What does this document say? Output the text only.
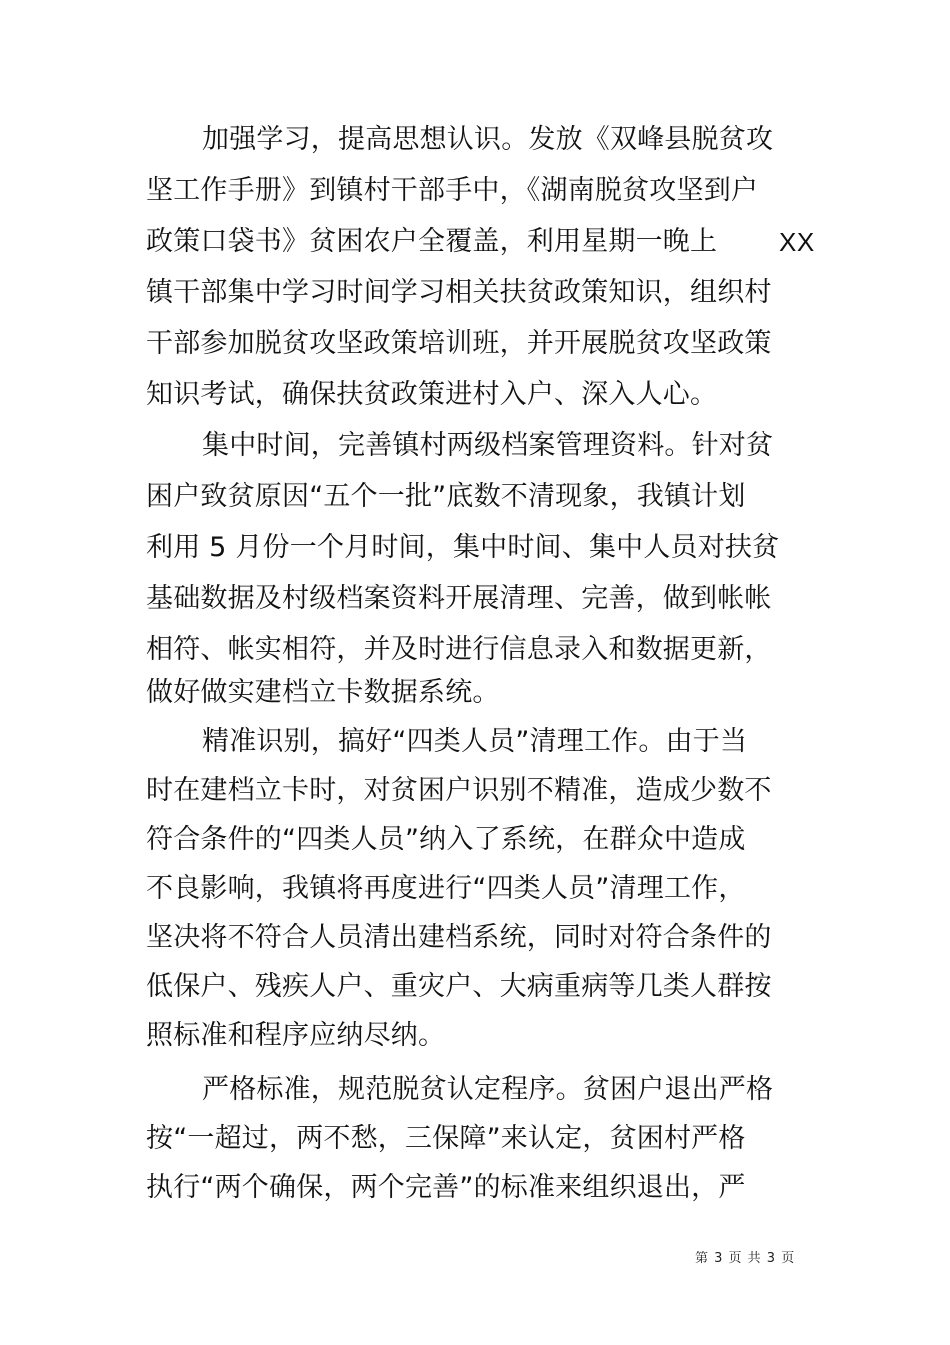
加强学习，提高思想认识。发放《双峰县脱贫攻
坚工作手册》到镇村干部手中，《湖南脱贫攻坚到户
政策口袋书》贫困农户全覆盖，利用星期一晚上	XX
镇干部集中学习时间学习相关扶贫政策知识，组织村
干部参加脱贫攻坚政策培训班，并开展脱贫攻坚政策
知识考试，确保扶贫政策进村入户、深入人心。
集中时间，完善镇村两级档案管理资料。针对贫
困户致贫原因“五个一批”底数不清现象，我镇计划
利用 5 月份一个月时间，集中时间、集中人员对扶贫
基础数据及村级档案资料开展清理、完善，做到帐帐
相符、帐实相符，并及时进行信息录入和数据更新，
做好做实建档立卡数据系统。
精准识别，搞好“四类人员”清理工作。由于当
时在建档立卡时，对贫困户识别不精准，造成少数不
符合条件的“四类人员”纳入了系统，在群众中造成
不良影响，我镇将再度进行“四类人员”清理工作，
坚决将不符合人员清出建档系统，同时对符合条件的
低保户、残疾人户、重灾户、大病重病等几类人群按
照标准和程序应纳尽纳。
严格标准，规范脱贫认定程序。贫困户退出严格
按“一超过，两不愁，三保障”来认定，贫困村严格
执行“两个确保，两个完善”的标准来组织退出，严
第 3 页 共 3 页
